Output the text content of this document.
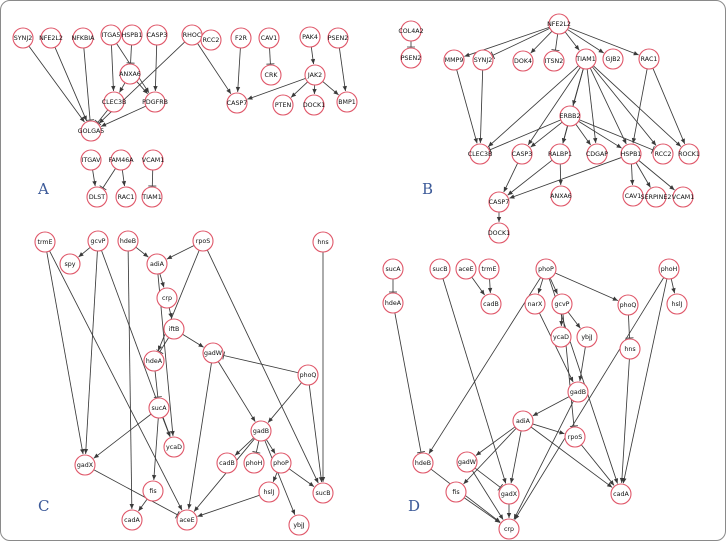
SYNJ2 NFE2L2 NFKBIA ITGA5 HSPB1 CASP3 RHOC
RCC2 F2R CAV1	PAK4 PSEN2
ANXA6
CLEC3B	PDGFRB
CRK	JAK2
CASP7	PTEN DOCK1 BMP1
GOLGA5
ITGAV FAM46A VCAM1
DLST RAC1 TIAM1
COL4A2
PSEN2
NFE2L2
MMP9 SYNJ2	DOK4 ITSN2 TIAM1 GJB2	RAC1
ERBB2
CLEC3B	CASP3 RALBP1 CDGAP HSPB1 RCC2 ROCK1
ANXA6	CAV1 SERPINE2 VCAM1
CASP7
DOCK1
trmE	gcvP hdeB	rpoS	hns
spy	adiA
crp
iftB
hdeA
gadW
phoQ
sucA
ycaD
gadB
gadX	cadB phoH phoP
fis	hslJ
cadA	aceE
sucB
ybjJ
sucA	sucB aceE trmE	phoP	phoH
hdeA	cadB	narX gcvP	phoQ	hslJ
ycaD ybjJ
hns
gadB
adiA
rpoS
hdeB	gadW
fis	gadX	cadA
crp
A	B
C	D
